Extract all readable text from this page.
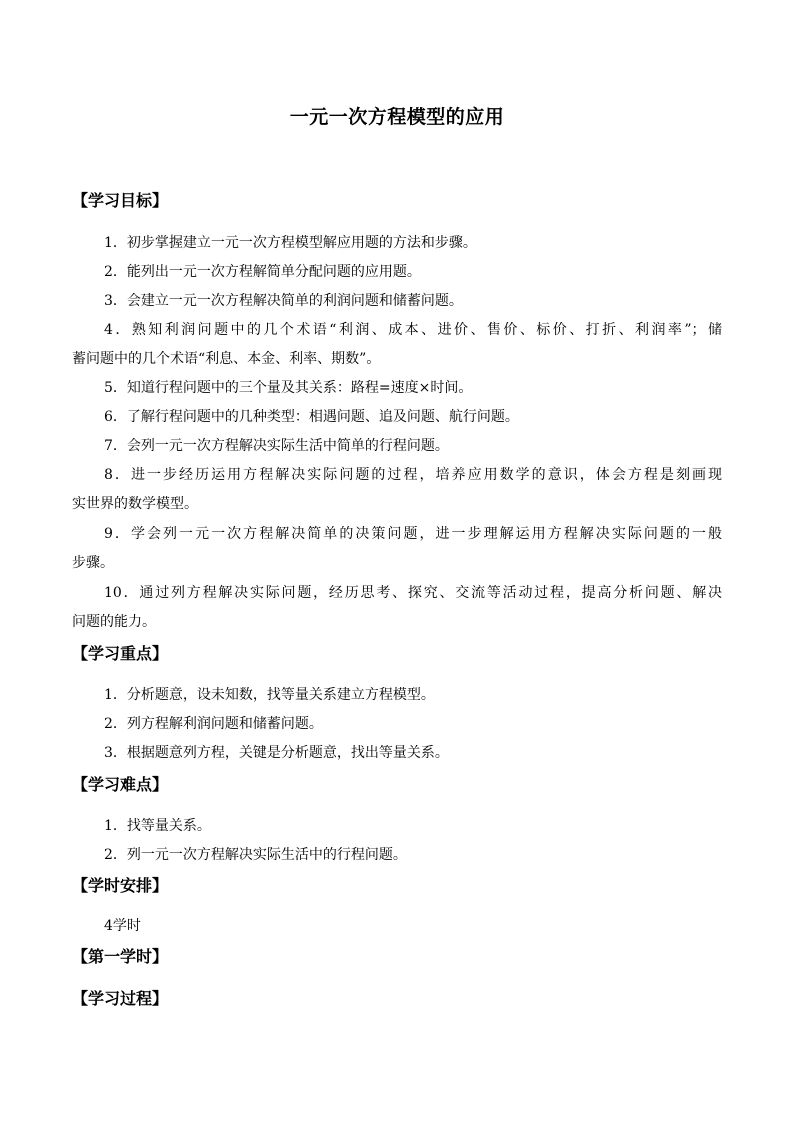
一元一次方程模型的应用
【学习目标】
1．初步掌握建立一元一次方程模型解应用题的方法和步骤。
2．能列出一元一次方程解简单分配问题的应用题。
3．会建立一元一次方程解决简单的利润问题和储蓄问题。
4．熟知利润问题中的几个术语“利润、成本、进价、售价、标价、打折、利润率”；储
蓄问题中的几个术语“利息、本金、利率、期数”。
5．知道行程问题中的三个量及其关系：路程=速度×时间。
6．了解行程问题中的几种类型：相遇问题、追及问题、航行问题。
7．会列一元一次方程解决实际生活中简单的行程问题。
8．进一步经历运用方程解决实际问题的过程，培养应用数学的意识，体会方程是刻画现
实世界的数学模型。
9．学会列一元一次方程解决简单的决策问题，进一步理解运用方程解决实际问题的一般
步骤。
10．通过列方程解决实际问题，经历思考、探究、交流等活动过程，提高分析问题、解决
问题的能力。
【学习重点】
1．分析题意，设未知数，找等量关系建立方程模型。
2．列方程解利润问题和储蓄问题。
3．根据题意列方程，关键是分析题意，找出等量关系。
【学习难点】
1．找等量关系。
2．列一元一次方程解决实际生活中的行程问题。
【学时安排】
4学时
【第一学时】
【学习过程】
